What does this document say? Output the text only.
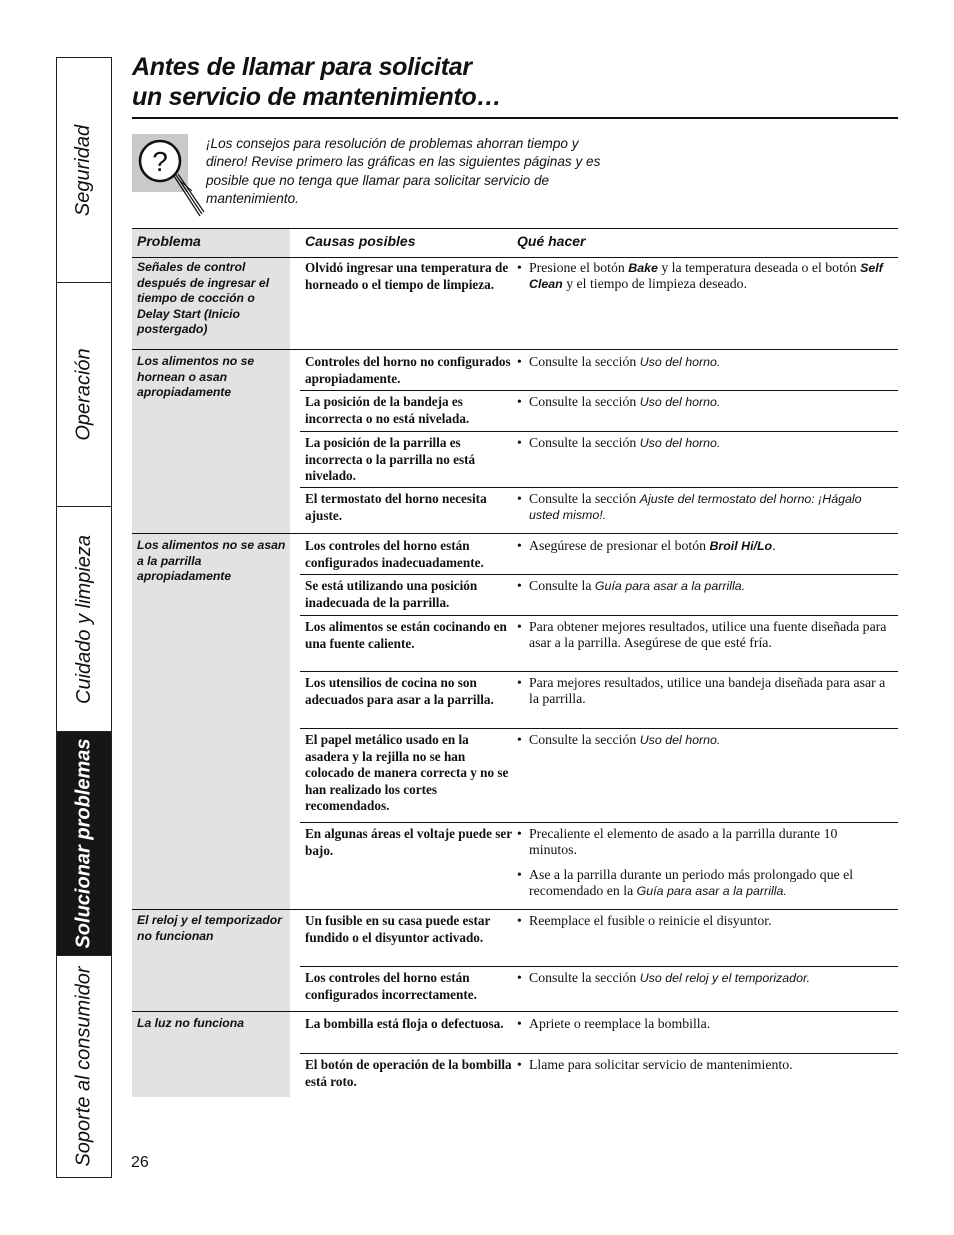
Seguridad
Operación
Cuidado y limpieza
Solucionar problemas
Soporte al consumidor
Antes de llamar para solicitar
un servicio de mantenimiento…
?

¡Los consejos para resolución de problemas ahorran tiempo y dinero! Revise primero las gráficas en las siguientes páginas y es posible que no tenga que llamar para solicitar servicio de mantenimiento.

Problema	Causas posibles	Qué hacer

Señales de control después de ingresar el tiempo de cocción o Delay Start (Inicio postergado)

Olvidó ingresar una temperatura de horneado o el tiempo de limpieza.

• Presione el botón Bake y la temperatura deseada o el botón Self Clean y el tiempo de limpieza deseado.

Los alimentos no se hornean o asan apropiadamente

Controles del horno no configurados apropiadamente.

• Consulte la sección Uso del horno.

La posición de la bandeja es incorrecta o no está nivelada.

• Consulte la sección Uso del horno.

La posición de la parrilla es incorrecta o la parrilla no está nivelado.

• Consulte la sección Uso del horno.

El termostato del horno necesita ajuste.

• Consulte la sección Ajuste del termostato del horno: ¡Hágalo usted mismo!.

Los alimentos no se asan a la parrilla apropiadamente

Los controles del horno están configurados inadecuadamente.

• Asegúrese de presionar el botón Broil Hi/Lo.

Se está utilizando una posición inadecuada de la parrilla.

• Consulte la Guía para asar a la parrilla.

Los alimentos se están cocinando en una fuente caliente.

• Para obtener mejores resultados, utilice una fuente diseñada para asar a la parrilla. Asegúrese de que esté fría.

Los utensilios de cocina no son adecuados para asar a la parrilla.

• Para mejores resultados, utilice una bandeja diseñada para asar a la parrilla.

El papel metálico usado en la asadera y la rejilla no se han colocado de manera correcta y no se han realizado los cortes recomendados.

• Consulte la sección Uso del horno.

En algunas áreas el voltaje puede ser bajo.

• Precaliente el elemento de asado a la parrilla durante 10 minutos.

• Ase a la parrilla durante un periodo más prolongado que el recomendado en la Guía para asar a la parrilla.

El reloj y el temporizador no funcionan

Un fusible en su casa puede estar fundido o el disyuntor activado.

• Reemplace el fusible o reinicie el disyuntor.

Los controles del horno están configurados incorrectamente.

• Consulte la sección Uso del reloj y el temporizador.

La luz no funciona	La bombilla está floja o defectuosa.

•	Apriete o reemplace la bombilla.

El botón de operación de la bombilla está roto.

• Llame para solicitar servicio de mantenimiento.

26
